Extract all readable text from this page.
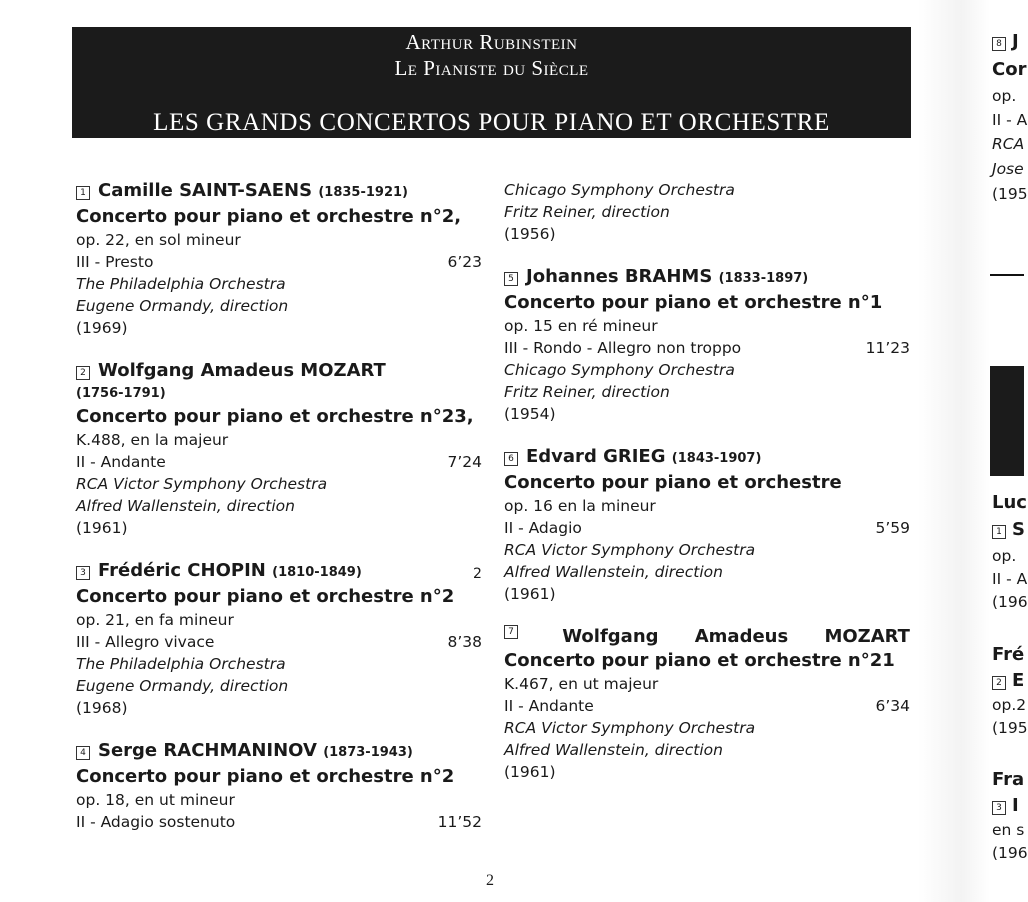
Arthur Rubinstein
Le Pianiste du Siècle
LES GRANDS CONCERTOS POUR PIANO ET ORCHESTRE
1 Camille SAINT-SAENS (1835-1921)
Concerto pour piano et orchestre n°2,
op. 22, en sol mineur
III - Presto	6’23
The Philadelphia Orchestra
Eugene Ormandy, direction
(1969)
2 Wolfgang Amadeus MOZART
(1756-1791)
Concerto pour piano et orchestre n°23,
K.488, en la majeur
II - Andante	7’24
RCA Victor Symphony Orchestra
Alfred Wallenstein, direction
(1961)
3 Frédéric CHOPIN (1810-1849)
Concerto pour piano et orchestre n°2
op. 21, en fa mineur
III - Allegro vivace	8’38
The Philadelphia Orchestra
Eugene Ormandy, direction
(1968)
4 Serge RACHMANINOV (1873-1943)
Concerto pour piano et orchestre n°2
op. 18, en ut mineur
II - Adagio sostenuto	11’52
Chicago Symphony Orchestra
Fritz Reiner, direction
(1956)
5 Johannes BRAHMS (1833-1897)
Concerto pour piano et orchestre n°1
op. 15 en ré mineur
III - Rondo - Allegro non troppo	11’23
Chicago Symphony Orchestra
Fritz Reiner, direction
(1954)
6 Edvard GRIEG (1843-1907)
Concerto pour piano et orchestre
op. 16 en la mineur
II - Adagio	5’59
RCA Victor Symphony Orchestra
Alfred Wallenstein, direction
(1961)
7	Wolfgang Amadeus MOZART
Concerto pour piano et orchestre n°21
K.467, en ut majeur
II - Andante	6’34
RCA Victor Symphony Orchestra
Alfred Wallenstein, direction
(1961)
2
2
8 J
Cor
op.
II - A
RCA
Jose
(195
Luc
1 S
op.
II - A
(196
Fré
2 E
op.2
(195
Fra
3 I
en s
(196
